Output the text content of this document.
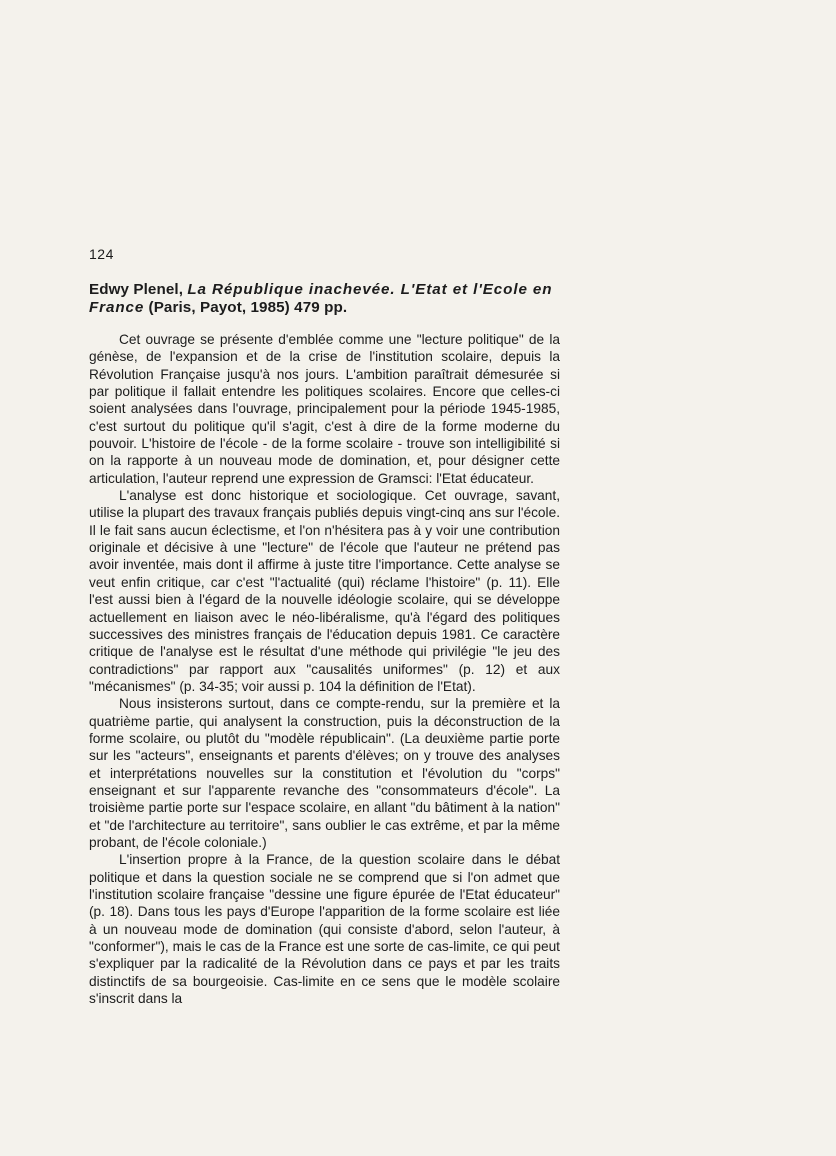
124
Edwy Plenel, La République inachevée. L'Etat et l'Ecole en France (Paris, Payot, 1985) 479 pp.

Cet ouvrage se présente d'emblée comme une "lecture politique" de la génèse, de l'expansion et de la crise de l'institution scolaire, depuis la Révolution Française jusqu'à nos jours. L'ambition paraîtrait démesurée si par politique il fallait entendre les politiques scolaires. Encore que celles-ci soient analysées dans l'ouvrage, principalement pour la période 1945-1985, c'est surtout du politique qu'il s'agit, c'est à dire de la forme moderne du pouvoir. L'histoire de l'école - de la forme scolaire - trouve son intelligibilité si on la rapporte à un nouveau mode de domination, et, pour désigner cette articulation, l'auteur reprend une expression de Gramsci: l'Etat éducateur.

L'analyse est donc historique et sociologique. Cet ouvrage, savant, utilise la plupart des travaux français publiés depuis vingt-cinq ans sur l'école. Il le fait sans aucun éclectisme, et l'on n'hésitera pas à y voir une contribution originale et décisive à une "lecture" de l'école que l'auteur ne prétend pas avoir inventée, mais dont il affirme à juste titre l'importance. Cette analyse se veut enfin critique, car c'est "l'actualité (qui) réclame l'histoire" (p. 11). Elle l'est aussi bien à l'égard de la nouvelle idéologie scolaire, qui se développe actuellement en liaison avec le néo-libéralisme, qu'à l'égard des politiques successives des ministres français de l'éducation depuis 1981. Ce caractère critique de l'analyse est le résultat d'une méthode qui privilégie "le jeu des contradictions" par rapport aux "causalités uniformes" (p. 12) et aux "mécanismes" (p. 34-35; voir aussi p. 104 la définition de l'Etat).

Nous insisterons surtout, dans ce compte-rendu, sur la première et la quatrième partie, qui analysent la construction, puis la déconstruction de la forme scolaire, ou plutôt du "modèle républicain". (La deuxième partie porte sur les "acteurs", enseignants et parents d'élèves; on y trouve des analyses et interprétations nouvelles sur la constitution et l'évolution du "corps" enseignant et sur l'apparente revanche des "consommateurs d'école". La troisième partie porte sur l'espace scolaire, en allant "du bâtiment à la nation" et "de l'architecture au territoire", sans oublier le cas extrême, et par la même probant, de l'école coloniale.)

L'insertion propre à la France, de la question scolaire dans le débat politique et dans la question sociale ne se comprend que si l'on admet que l'institution scolaire française "dessine une figure épurée de l'Etat éducateur" (p. 18). Dans tous les pays d'Europe l'apparition de la forme scolaire est liée à un nouveau mode de domination (qui consiste d'abord, selon l'auteur, à "conformer"), mais le cas de la France est une sorte de cas-limite, ce qui peut s'expliquer par la radicalité de la Révolution dans ce pays et par les traits distinctifs de sa bourgeoisie. Cas-limite en ce sens que le modèle scolaire s'inscrit dans la
